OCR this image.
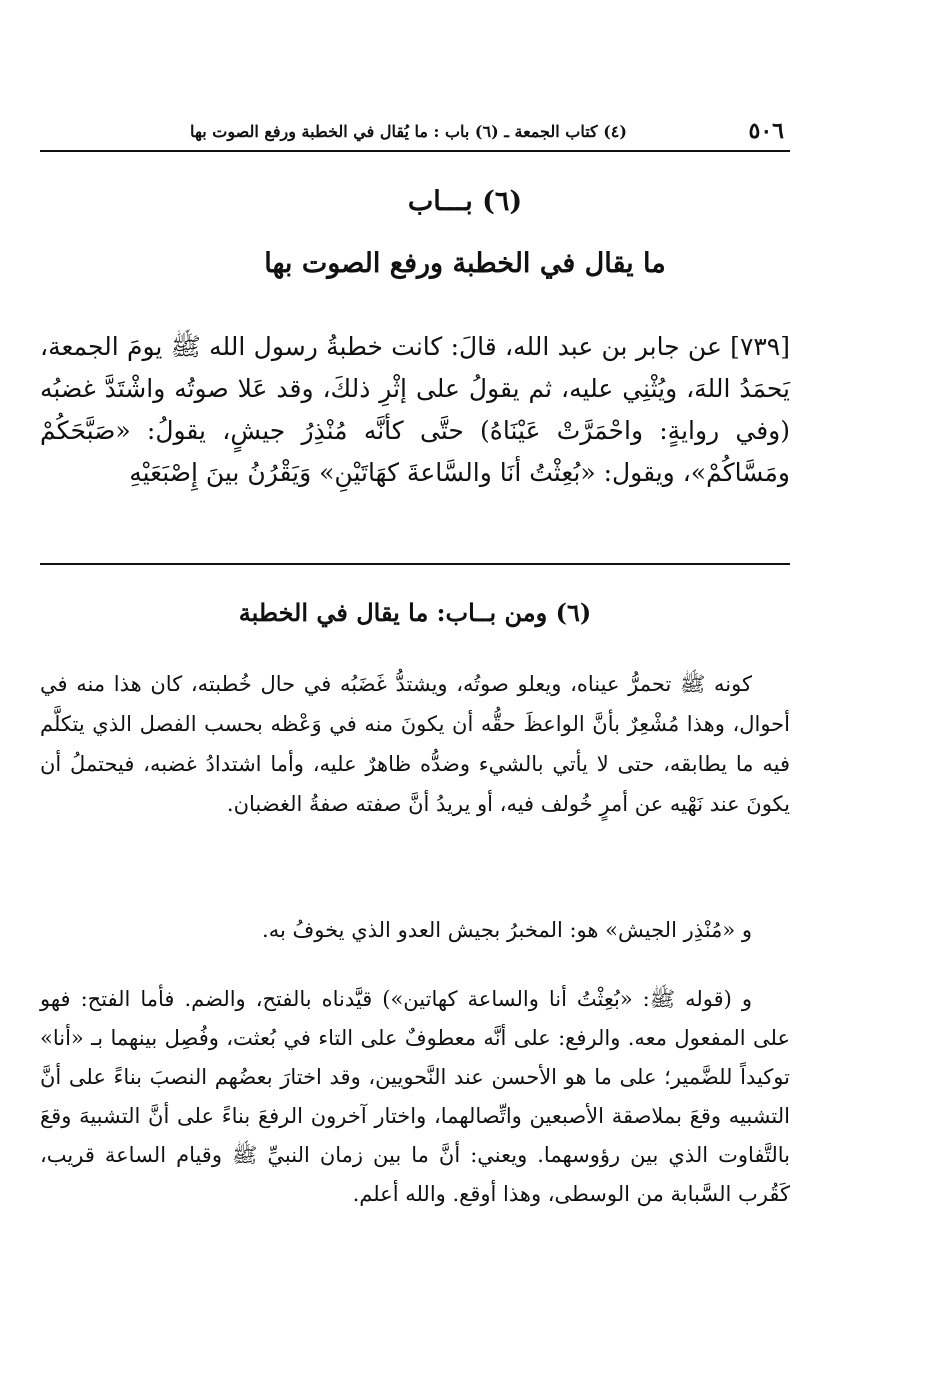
٥٠٦
(٤) كتاب الجمعة ـ (٦) باب : ما يُقال في الخطبة ورفع الصوت بها
(٦) بـــاب
ما يقال في الخطبة ورفع الصوت بها
[٧٣٩] عن جابر بن عبد الله، قالَ: كانت خطبةُ رسول الله ﷺ يومَ الجمعة، يَحمَدُ اللهَ، ويُثْنِي عليه، ثم يقولُ على إثْرِ ذلكَ، وقد عَلا صوتُه واشْتَدَّ غضبُه (وفي روايةٍ: واحْمَرَّتْ عَيْنَاهُ) حتَّى كأنَّه مُنْذِرُ جيشٍ، يقولُ: «صَبَّحَكُمْ ومَسَّاكُمْ»، ويقول: «بُعِثْتُ أنَا والسَّاعةَ كهَاتَيْنِ» وَيَقْرُنُ بينَ إِصْبَعَيْهِ
(٦) ومن بــاب: ما يقال في الخطبة
كونه ﷺ تحمرُّ عيناه، ويعلو صوتُه، ويشتدُّ غَضَبُه في حال خُطبته، كان هذا منه في أحوال، وهذا مُشْعِرٌ بأنَّ الواعظَ حقُّه أن يكونَ منه في وَعْظه بحسب الفصل الذي يتكلَّم فيه ما يطابقه، حتى لا يأتي بالشيء وضدُّه ظاهرٌ عليه، وأما اشتدادُ غضبه، فيحتملُ أن يكونَ عند نَهْيه عن أمرٍ خُولف فيه، أو يريدُ أنَّ صفته صفةُ الغضبان.
و «مُنْذِر الجيش» هو: المخبرُ بجيش العدو الذي يخوفُ به.
و (قوله ﷺ: «بُعِثْتُ أنا والساعة كهاتين») قيَّدناه بالفتح، والضم. فأما الفتح: فهو على المفعول معه. والرفع: على أنَّه معطوفٌ على التاء في بُعثت، وفُصِل بينهما بـ «أنا» توكيداً للضَّمير؛ على ما هو الأحسن عند النَّحويين، وقد اختارَ بعضُهم النصبَ بناءً على أنَّ التشبيه وقعَ بملاصقة الأصبعين واتِّصالهما، واختار آخرون الرفعَ بناءً على أنَّ التشبيهَ وقعَ بالتَّفاوت الذي بين رؤوسهما. ويعني: أنَّ ما بين زمان النبيِّ ﷺ وقيام الساعة قريب، كَقُرب السَّبابة من الوسطى، وهذا أوقع. والله أعلم.
